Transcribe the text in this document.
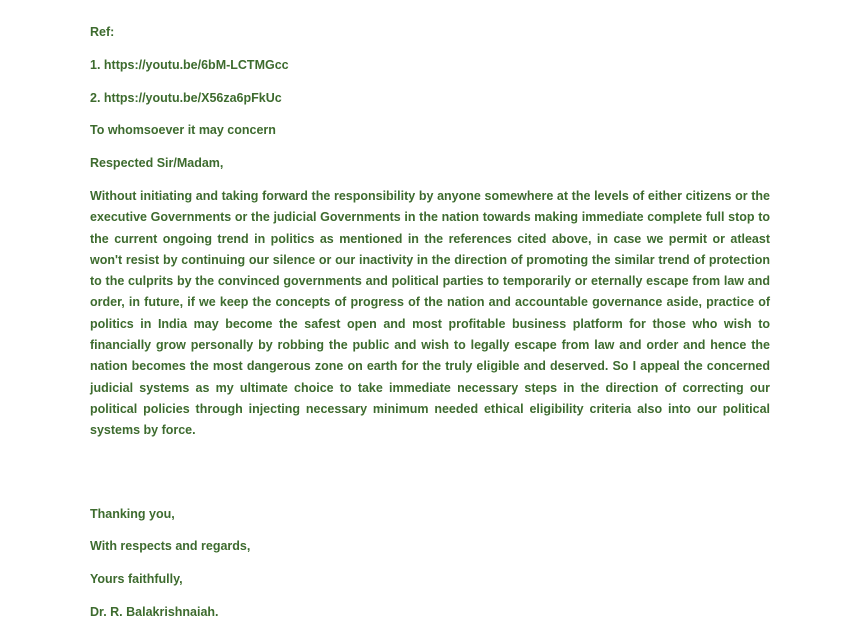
Ref:
1. https://youtu.be/6bM-LCTMGcc
2. https://youtu.be/X56za6pFkUc
To whomsoever it may concern
Respected Sir/Madam,
Without initiating and taking forward the responsibility by anyone somewhere at the levels of either citizens or the executive Governments or the judicial Governments in the nation towards making immediate complete full stop to the current ongoing trend in politics as mentioned in the references cited above, in case we permit or atleast won't resist by continuing our silence or our inactivity in the direction of promoting the similar trend of protection to the culprits by the convinced governments and political parties to temporarily or eternally escape from law and order, in future, if we keep the concepts of progress of the nation and accountable governance aside, practice of politics in India may become the safest open and most profitable business platform for those who wish to financially grow personally by robbing the public and wish to legally escape from law and order and hence the nation becomes the most dangerous zone on earth for the truly eligible and deserved. So I appeal the concerned judicial systems as my ultimate choice to take immediate necessary steps in the direction of correcting our political policies through injecting necessary minimum needed ethical eligibility criteria also into our political systems by force.
Thanking you,
With respects and regards,
Yours faithfully,
Dr. R. Balakrishnaiah.
